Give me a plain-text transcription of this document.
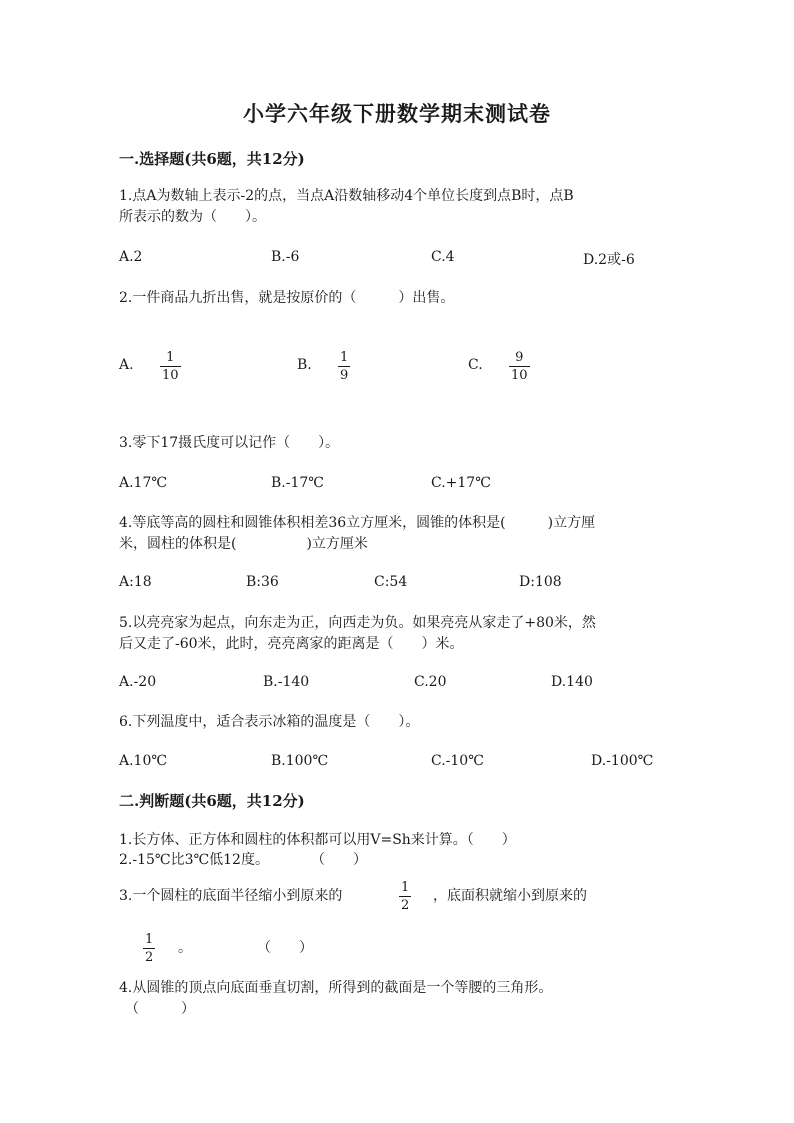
小学六年级下册数学期末测试卷
一.选择题(共6题，共12分)
1.点A为数轴上表示-2的点，当点A沿数轴移动4个单位长度到点B时，点B
所表示的数为（　　）。
A.2	B.-6	C.4	D.2或-6
2.一件商品九折出售，就是按原价的（　　　）出售。
A.	1
10
B. 1
9
C. 9
10
3.零下17摄氏度可以记作（　　）。
A.17℃	B.-17℃	C.+17℃
4.等底等高的圆柱和圆锥体积相差36立方厘米，圆锥的体积是(　　　)立方厘
米，圆柱的体积是(　　　　　)立方厘米
A:18	B:36	C:54	D:108
5.以亮亮家为起点，向东走为正，向西走为负。如果亮亮从家走了+80米，然
后又走了-60米，此时，亮亮离家的距离是（　　）米。
A.-20	B.-140	C.20	D.140
6.下列温度中，适合表示冰箱的温度是（　　）。
A.10℃	B.100℃	C.-10℃	D.-100℃
二.判断题(共6题，共12分)
1.长方体、正方体和圆柱的体积都可以用V=Sh来计算。（　　）
2.-15℃比3℃低12度。　　　　（　　）
3.一个圆柱的底面半径缩小到原来的
1
2
，底面积就缩小到原来的
1
2
。	（　　）
4.从圆锥的顶点向底面垂直切割，所得到的截面是一个等腰的三角形。
（　　　）
